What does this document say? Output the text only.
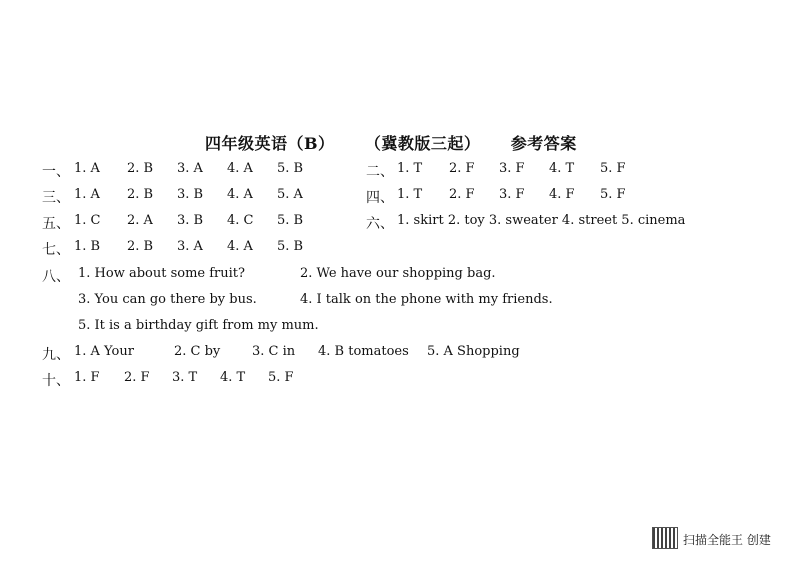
四年级英语（B）     （冀教版三起）     参考答案
一、 1. A 2. B 3. A 4. A 5. B	二、 1. T 2. F 3. F 4. T 5. F
三、 1. A 2. B 3. B 4. A 5. A	四、 1. T 2. F 3. F 4. F 5. F
五、 1. C 2. A 3. B 4. C 5. B	六、 1. skirt 2. toy 3. sweater 4. street 5. cinema
七、 1. B 2. B 3. A 4. A 5. B
八、 1. How about some fruit?	2. We have our shopping bag.
3. You can go there by bus.	4. I talk on the phone with my friends.
5. It is a birthday gift from my mum.
九、 1. A Your	2. C by 3. C in 4. B tomatoes 5. A Shopping
十、 1. F 2. F 3. T 4. T 5. F
扫描全能王 创建
